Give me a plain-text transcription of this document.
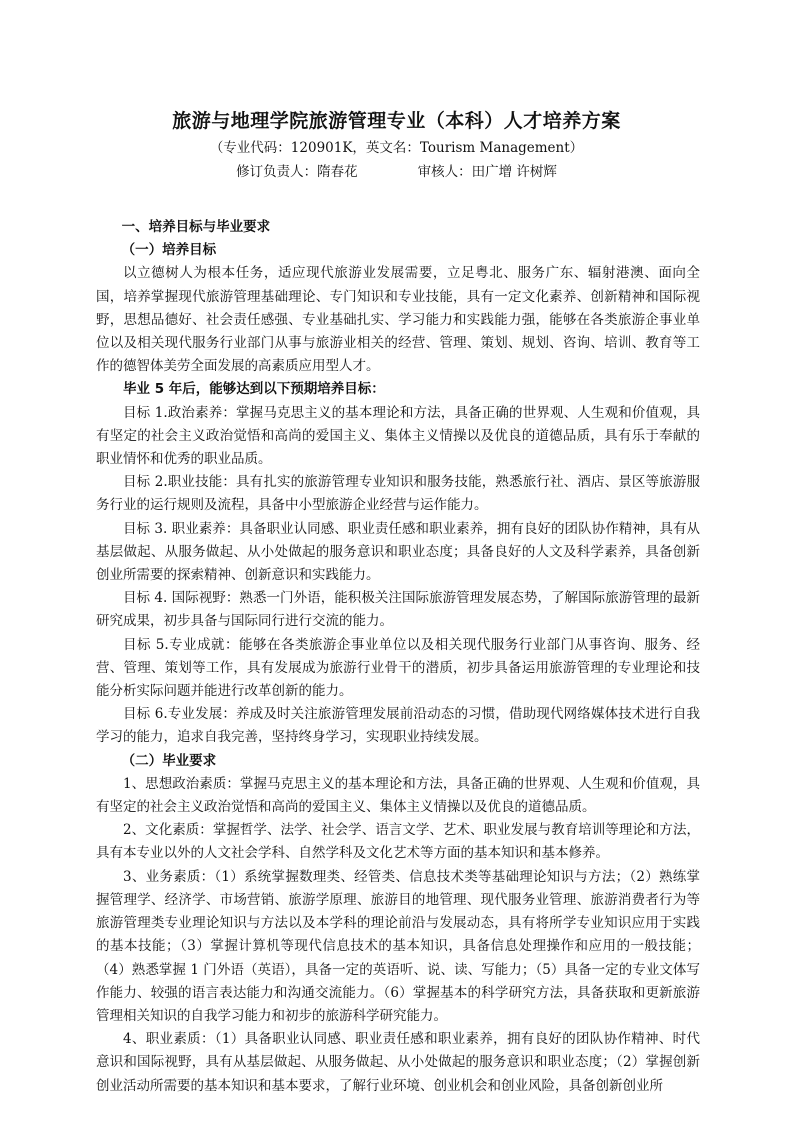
旅游与地理学院旅游管理专业（本科）人才培养方案
（专业代码：120901K，英文名：Tourism Management）
修订负责人：隋春花	审核人：田广增 许树辉

一、培养目标与毕业要求

（一）培养目标

以立德树人为根本任务，适应现代旅游业发展需要，立足粤北、服务广东、辐射港澳、面向全国，培养掌握现代旅游管理基础理论、专门知识和专业技能，具有一定文化素养、创新精神和国际视野，思想品德好、社会责任感强、专业基础扎实、学习能力和实践能力强，能够在各类旅游企事业单位以及相关现代服务行业部门从事与旅游业相关的经营、管理、策划、规划、咨询、培训、教育等工作的德智体美劳全面发展的高素质应用型人才。

毕业 5 年后，能够达到以下预期培养目标：

目标 1.政治素养：掌握马克思主义的基本理论和方法，具备正确的世界观、人生观和价值观，具有坚定的社会主义政治觉悟和高尚的爱国主义、集体主义情操以及优良的道德品质，具有乐于奉献的职业情怀和优秀的职业品质。

目标 2.职业技能：具有扎实的旅游管理专业知识和服务技能，熟悉旅行社、酒店、景区等旅游服务行业的运行规则及流程，具备中小型旅游企业经营与运作能力。

目标 3. 职业素养：具备职业认同感、职业责任感和职业素养，拥有良好的团队协作精神，具有从基层做起、从服务做起、从小处做起的服务意识和职业态度；具备良好的人文及科学素养，具备创新创业所需要的探索精神、创新意识和实践能力。

目标 4. 国际视野：熟悉一门外语，能积极关注国际旅游管理发展态势，了解国际旅游管理的最新研究成果，初步具备与国际同行进行交流的能力。

目标 5.专业成就：能够在各类旅游企事业单位以及相关现代服务行业部门从事咨询、服务、经营、管理、策划等工作，具有发展成为旅游行业骨干的潜质，初步具备运用旅游管理的专业理论和技能分析实际问题并能进行改革创新的能力。

目标 6.专业发展：养成及时关注旅游管理发展前沿动态的习惯，借助现代网络媒体技术进行自我学习的能力，追求自我完善，坚持终身学习，实现职业持续发展。

（二）毕业要求

1、思想政治素质：掌握马克思主义的基本理论和方法，具备正确的世界观、人生观和价值观，具有坚定的社会主义政治觉悟和高尚的爱国主义、集体主义情操以及优良的道德品质。

2、文化素质：掌握哲学、法学、社会学、语言文学、艺术、职业发展与教育培训等理论和方法，具有本专业以外的人文社会学科、自然学科及文化艺术等方面的基本知识和基本修养。

3、业务素质：（1）系统掌握数理类、经管类、信息技术类等基础理论知识与方法；（2）熟练掌握管理学、经济学、市场营销、旅游学原理、旅游目的地管理、现代服务业管理、旅游消费者行为等旅游管理类专业理论知识与方法以及本学科的理论前沿与发展动态，具有将所学专业知识应用于实践的基本技能；（3）掌握计算机等现代信息技术的基本知识，具备信息处理操作和应用的一般技能；（4）熟悉掌握 1 门外语（英语），具备一定的英语听、说、读、写能力；（5）具备一定的专业文体写作能力、较强的语言表达能力和沟通交流能力。（6）掌握基本的科学研究方法，具备获取和更新旅游管理相关知识的自我学习能力和初步的旅游科学研究能力。

4、职业素质：（1）具备职业认同感、职业责任感和职业素养，拥有良好的团队协作精神、时代意识和国际视野，具有从基层做起、从服务做起、从小处做起的服务意识和职业态度；（2）掌握创新创业活动所需要的基本知识和基本要求，了解行业环境、创业机会和创业风险，具备创新创业所
